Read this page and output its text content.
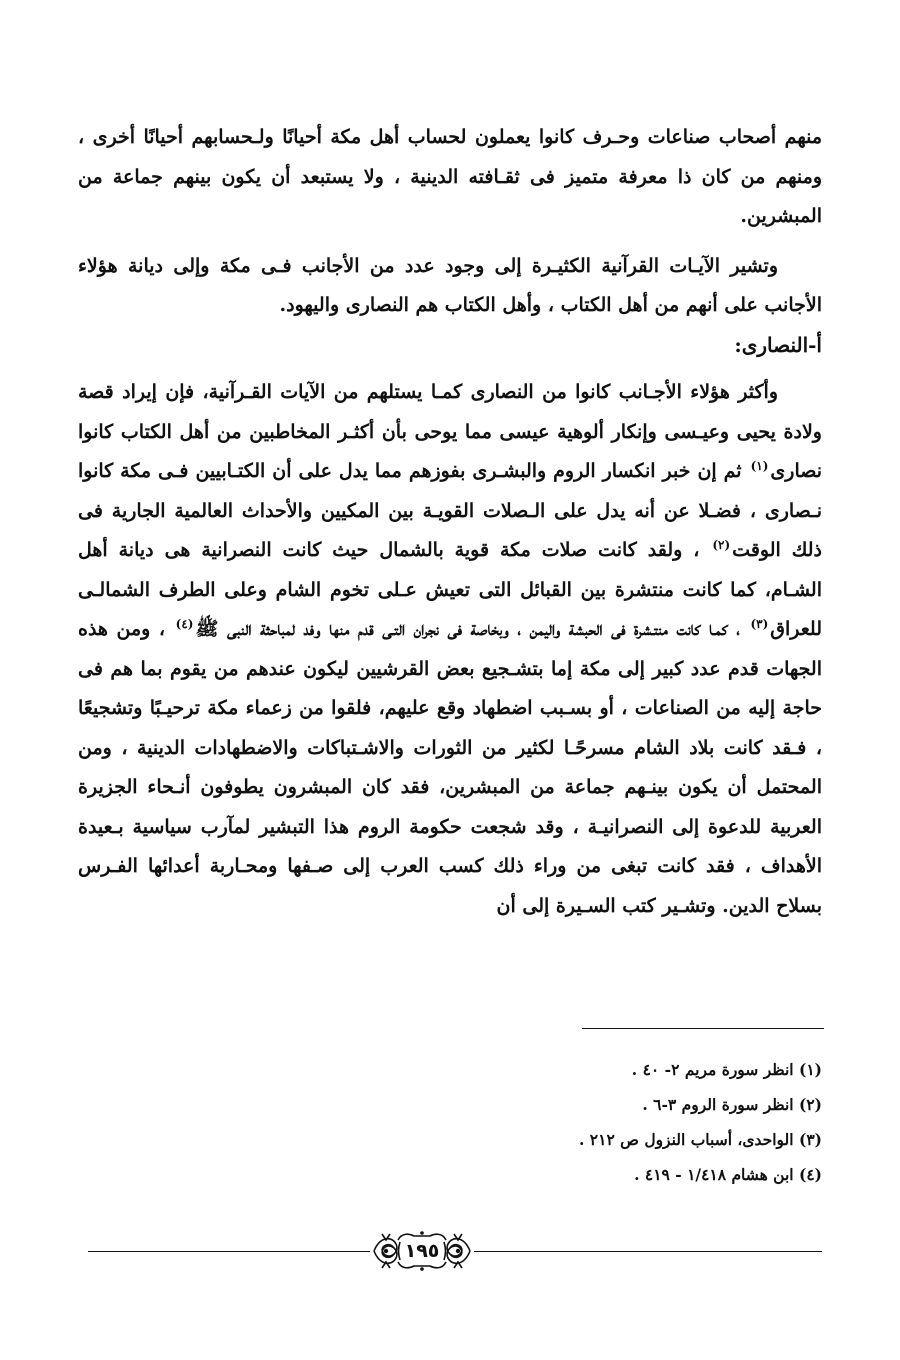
منهم أصحاب صناعات وحـرف كانوا يعملون لحساب أهل مكة أحيانًا ولـحسابهم أحيانًا أخرى ، ومنهم من كان ذا معرفة متميز فى ثقـافته الدينية ، ولا يستبعد أن يكون بينهم جماعة من المبشرين.

وتشير الآيـات القرآنية الكثيـرة إلى وجود عدد من الأجانب فـى مكة وإلى ديانة هؤلاء الأجانب على أنهم من أهل الكتاب ، وأهل الكتاب هم النصارى واليهود.

أ-النصارى:

وأكثر هؤلاء الأجـانب كانوا من النصارى كمـا يستلهم من الآيات القـرآنية، فإن إيراد قصة ولادة يحيى وعيـسى وإنكار ألوهية عيسى مما يوحى بأن أكثـر المخاطبين من أهل الكتاب كانوا نصارى$^{(١)}$ ثم إن خبر انكسار الروم والبشـرى بفوزهم مما يدل على أن الكتـابيين فـى مكة كانوا نـصارى ، فضـلا عن أنه يدل على الـصلات القويـة بين المكيين والأحداث العالمية الجارية فى ذلك الوقت$^{(٢)}$ ، ولقد كانت صلات مكة قوية بالشمال حيث كانت النصرانية هى ديانة أهل الشـام، كما كانت منتشرة بين القبائل التى تعيش عـلى تخوم الشام وعلى الطرف الشمالـى للعراق$^{(٣)}$ ، كمـا كانت منتـشرة فى الحبشة واليمن ، وبخاصة فى نجران التـى قدم منها وفد لمباحثة النبى ﷺ$^{(٤)}$ ، ومن هذه الجهات قدم عدد كبير إلى مكة إما بتشـجيع بعض القرشيين ليكون عندهم من يقوم بما هم فى حاجة إليه من الصناعات ، أو بسـبب اضطهاد وقع عليهم، فلقوا من زعماء مكة ترحيـبًا وتشجيعًا ، فـقد كانت بلاد الشام مسرحًـا لكثير من الثورات والاشـتباكات والاضطهادات الدينية ، ومن المحتمل أن يكون بينـهم جماعة من المبشرين، فقد كان المبشرون يطوفون أنـحاء الجزيرة العربية للدعوة إلى النصرانيـة ، وقد شجعت حكومة الروم هذا التبشير لمآرب سياسية بـعيدة الأهداف ، فقد كانت تبغى من وراء ذلك كسب العرب إلى صـفها ومحـاربة أعدائها الفـرس بسلاح الدين. وتشـير كتب السـيرة إلى أن

(١) انظر سورة مريم ٢- ٤٠ .

(٢) انظر سورة الروم ٣-٦ .

(٣) الواحدى، أسباب النزول ص ٢١٢ .

(٤) ابن هشام ١/٤١٨ - ٤١٩ .

١٩٥
